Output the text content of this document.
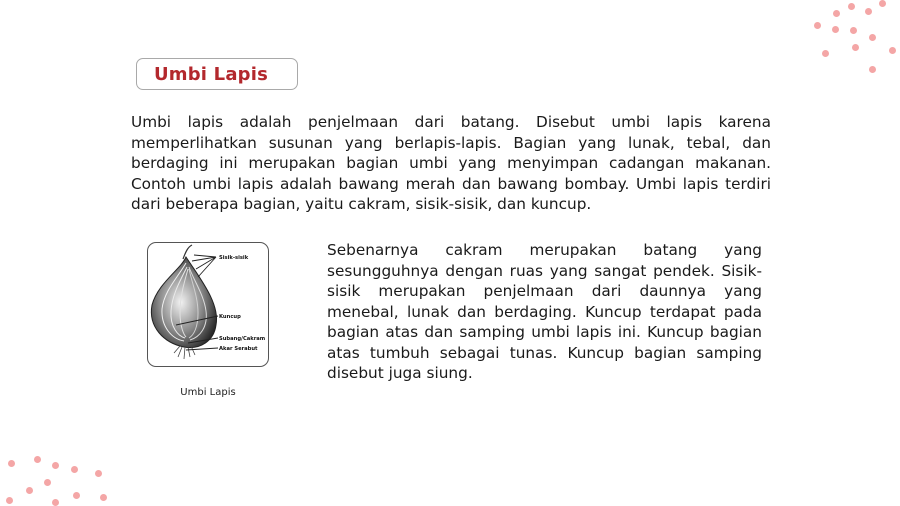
Umbi Lapis

Umbi lapis adalah penjelmaan dari batang. Disebut umbi lapis karena memperlihatkan susunan yang berlapis-lapis. Bagian yang lunak, tebal, dan berdaging ini merupakan bagian umbi yang menyimpan cadangan makanan. Contoh umbi lapis adalah bawang merah dan bawang bombay. Umbi lapis terdiri dari beberapa bagian, yaitu cakram, sisik-sisik, dan kuncup.

Sisik-sisik
Kuncup
Subang/Cakram
Akar Serabut
Umbi Lapis

Sebenarnya cakram merupakan batang yang sesungguhnya dengan ruas yang sangat pendek. Sisik-sisik merupakan penjelmaan dari daunnya yang menebal, lunak dan berdaging. Kuncup terdapat pada bagian atas dan samping umbi lapis ini. Kuncup bagian atas tumbuh sebagai tunas. Kuncup bagian samping disebut juga siung.
